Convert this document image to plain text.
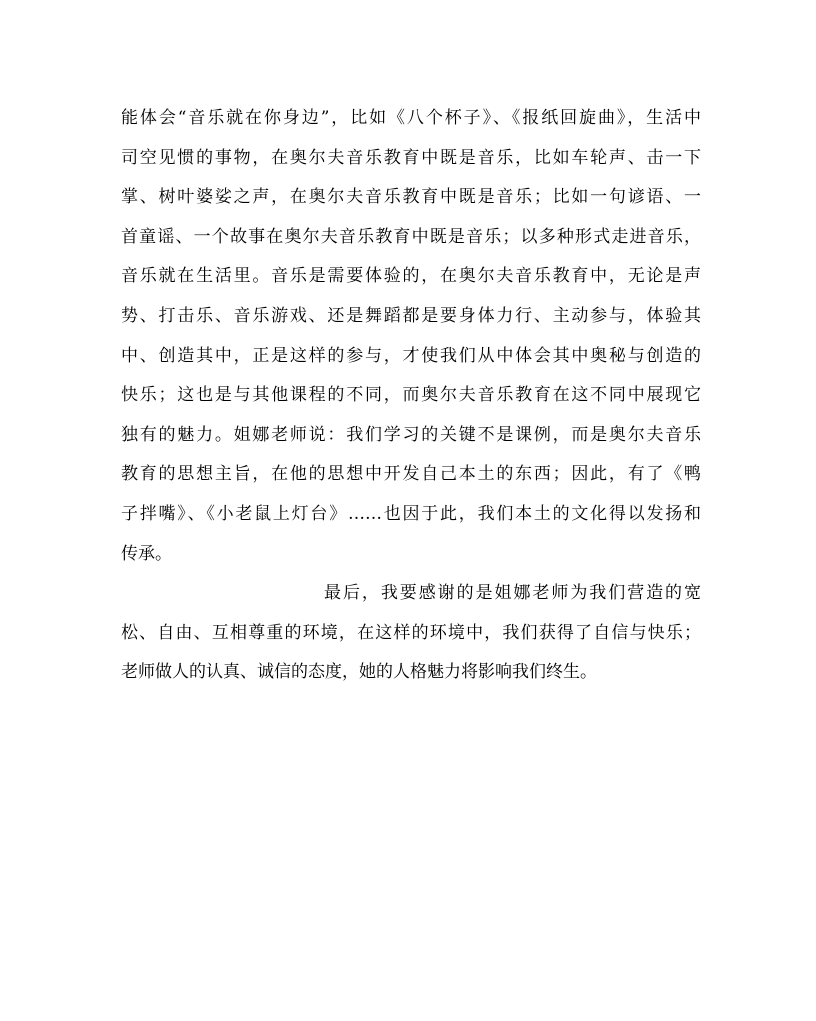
能体会“音乐就在你身边”，比如《八个杯子》、《报纸回旋曲》，生活中
司空见惯的事物，在奥尔夫音乐教育中既是音乐，比如车轮声、击一下
掌、树叶婆娑之声，在奥尔夫音乐教育中既是音乐；比如一句谚语、一
首童谣、一个故事在奥尔夫音乐教育中既是音乐；以多种形式走进音乐，
音乐就在生活里。音乐是需要体验的，在奥尔夫音乐教育中，无论是声
势、打击乐、音乐游戏、还是舞蹈都是要身体力行、主动参与，体验其
中、创造其中，正是这样的参与，才使我们从中体会其中奥秘与创造的
快乐；这也是与其他课程的不同，而奥尔夫音乐教育在这不同中展现它
独有的魅力。姐娜老师说：我们学习的关键不是课例，而是奥尔夫音乐
教育的思想主旨，在他的思想中开发自己本土的东西；因此，有了《鸭
子拌嘴》、《小老鼠上灯台》……也因于此，我们本土的文化得以发扬和
传承。
最后，我要感谢的是姐娜老师为我们营造的宽
松、自由、互相尊重的环境，在这样的环境中，我们获得了自信与快乐；
老师做人的认真、诚信的态度，她的人格魅力将影响我们终生。
